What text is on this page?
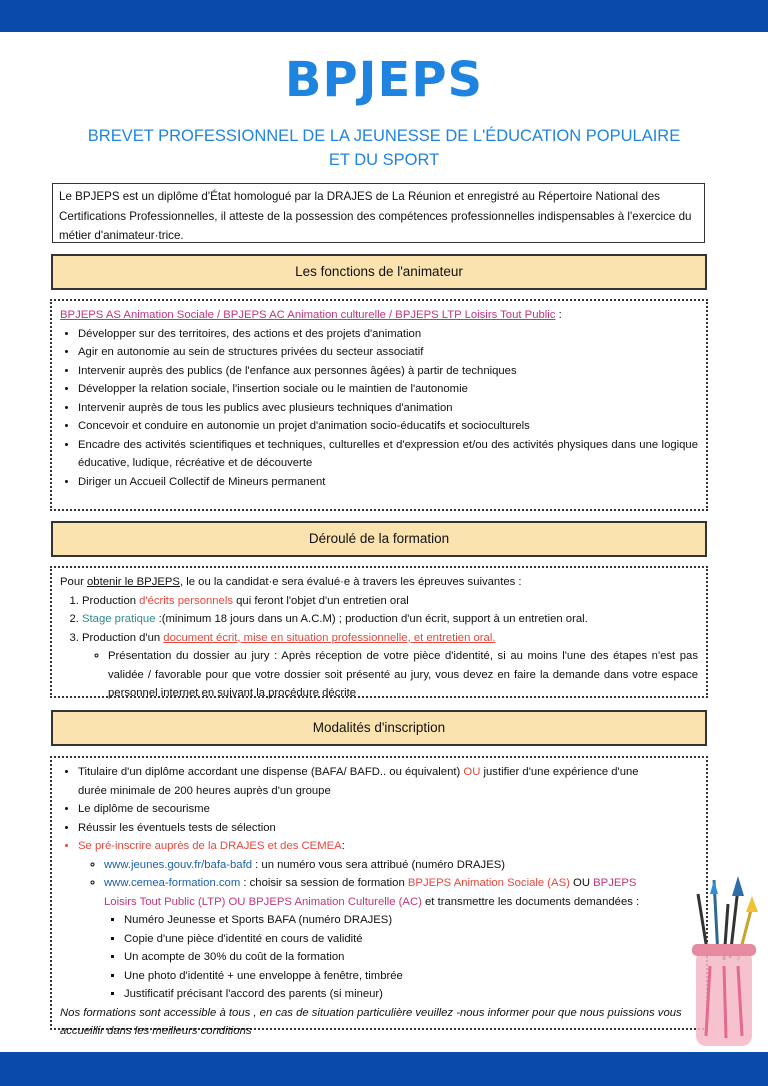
BPJEPS
BREVET PROFESSIONNEL DE LA JEUNESSE DE L'ÉDUCATION POPULAIRE
ET DU SPORT
Le BPJEPS est un diplôme d'État homologué par la DRAJES de La Réunion et enregistré au Répertoire National des Certifications Professionnelles, il atteste de la possession des compétences professionnelles indispensables à l'exercice du métier d'animateur·trice.
Les fonctions de l'animateur
BPJEPS AS Animation Sociale / BPJEPS AC Animation culturelle / BPJEPS LTP Loisirs Tout Public :
• Développer sur des territoires, des actions et des projets d'animation
• Agir en autonomie au sein de structures privées du secteur associatif
• Intervenir auprès des publics (de l'enfance aux personnes âgées) à partir de techniques
• Développer la relation sociale, l'insertion sociale ou le maintien de l'autonomie
• Intervenir auprès de tous les publics avec plusieurs techniques d'animation
• Concevoir et conduire en autonomie un projet d'animation socio-éducatifs et socioculturels
• Encadre des activités scientifiques et techniques, culturelles et d'expression et/ou des activités physiques dans une logique éducative, ludique, récréative et de découverte
• Diriger un Accueil Collectif de Mineurs permanent
Déroulé de la formation
Pour obtenir le BPJEPS, le ou la candidat·e sera évalué·e à travers les épreuves suivantes :
1. Production d'écrits personnels qui feront l'objet d'un entretien oral
2. Stage pratique :(minimum 18 jours dans un A.C.M) ; production d'un écrit, support à un entretien oral.
3. Production d'un document écrit, mise en situation professionnelle, et entretien oral.
◦ Présentation du dossier au jury : Après réception de votre pièce d'identité, si au moins l'une des étapes n'est pas validée / favorable pour que votre dossier soit présenté au jury, vous devez en faire la demande dans votre espace personnel internet en suivant la procédure décrite
Modalités d'inscription
• Titulaire d'un diplôme accordant une dispense (BAFA/ BAFD.. ou équivalent) OU justifier d'une expérience d'une durée minimale de 200 heures auprès d'un groupe
• Le diplôme de secourisme
• Réussir les éventuels tests de sélection
• Se pré-inscrire auprès de la DRAJES et des CEMEA:
◦ www.jeunes.gouv.fr/bafa-bafd : un numéro vous sera attribué (numéro DRAJES)
◦ www.cemea-formation.com : choisir sa session de formation BPJEPS Animation Sociale (AS) OU BPJEPS Loisirs Tout Public (LTP) OU BPJEPS Animation Culturelle (AC) et transmettre les documents demandées :
▪ Numéro Jeunesse et Sports BAFA (numéro DRAJES)
▪ Copie d'une pièce d'identité en cours de validité
▪ Un acompte de 30% du coût de la formation
▪ Une photo d'identité + une enveloppe à fenêtre, timbrée
▪ Justificatif précisant l'accord des parents (si mineur)
Nos formations sont accessible à tous , en cas de situation particulière veuillez -nous informer pour que nous puissions vous accueillir dans les meilleurs conditions
